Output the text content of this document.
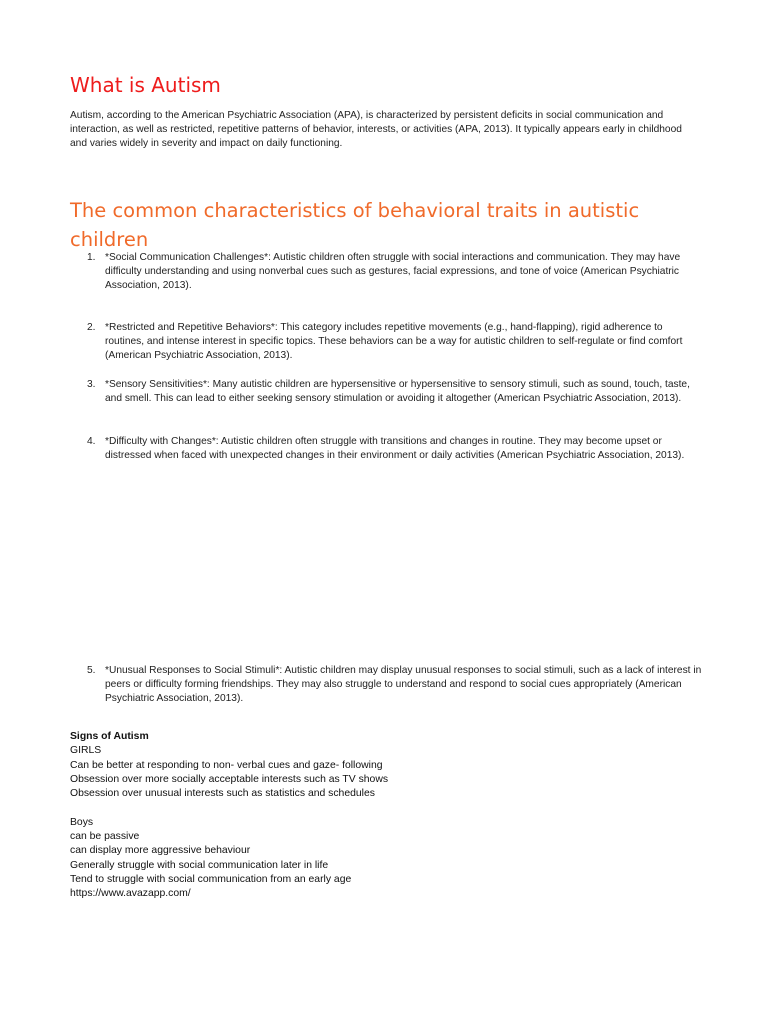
What is Autism

Autism, according to the American Psychiatric Association (APA), is characterized by persistent deficits in social communication and interaction, as well as restricted, repetitive patterns of behavior, interests, or activities (APA, 2013). It typically appears early in childhood and varies widely in severity and impact on daily functioning.

The common characteristics of behavioral traits in autistic children
1. *Social Communication Challenges*: Autistic children often struggle with social interactions and communication. They may have difficulty understanding and using nonverbal cues such as gestures, facial expressions, and tone of voice (American Psychiatric Association, 2013).
2. *Restricted and Repetitive Behaviors*: This category includes repetitive movements (e.g., hand-flapping), rigid adherence to routines, and intense interest in specific topics. These behaviors can be a way for autistic children to self-regulate or find comfort (American Psychiatric Association, 2013).
3. *Sensory Sensitivities*: Many autistic children are hypersensitive or hypersensitive to sensory stimuli, such as sound, touch, taste, and smell. This can lead to either seeking sensory stimulation or avoiding it altogether (American Psychiatric Association, 2013).
4. *Difficulty with Changes*: Autistic children often struggle with transitions and changes in routine. They may become upset or distressed when faced with unexpected changes in their environment or daily activities (American Psychiatric Association, 2013).
5. *Unusual Responses to Social Stimuli*: Autistic children may display unusual responses to social stimuli, such as a lack of interest in peers or difficulty forming friendships. They may also struggle to understand and respond to social cues appropriately (American Psychiatric Association, 2013).
Signs of Autism
GIRLS
Can be better at responding to non- verbal cues and gaze- following
Obsession over more socially acceptable interests such as TV shows
Obsession over unusual interests such as statistics and schedules
Boys
can be passive
can display more aggressive behaviour
Generally struggle with social communication later in life
Tend to struggle with social communication from an early age
https://www.avazapp.com/
